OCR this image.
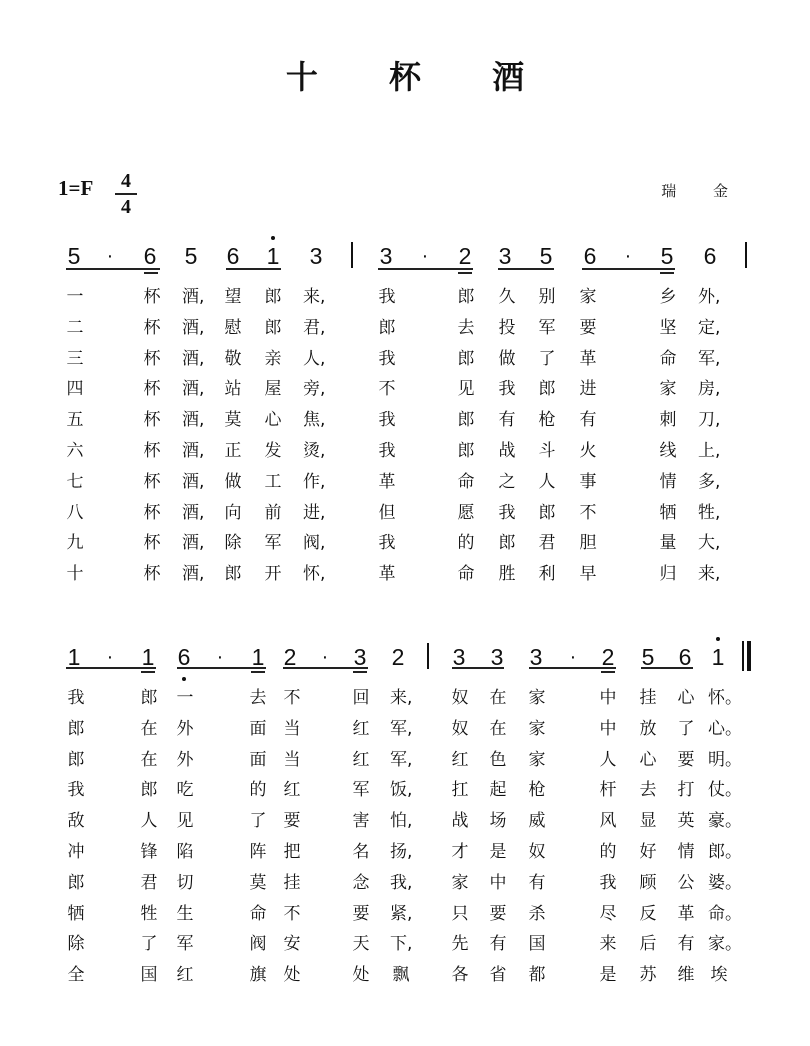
十 杯 酒
1=F	4
4
瑞 金
5	·	6 5 6 1 3 3	·	2 3 5 6	·	5 6
一	杯 酒, 望 郎 来,	我	郎 久 别 家	乡 外,
二	杯 酒, 慰 郎 君,	郎	去 投 军 要	坚 定,
三	杯 酒, 敬 亲 人,	我	郎 做 了 革	命 军,
四	杯 酒, 站 屋 旁,	不	见 我 郎 进	家 房,
五	杯 酒, 莫 心 焦,	我	郎 有 枪 有	刺 刀,
六	杯 酒, 正 发 烫,	我	郎 战 斗 火	线 上,
七	杯 酒, 做 工 作,	革	命 之 人 事	情 多,
八	杯 酒, 向 前 进,	但	愿 我 郎 不	牺 牲,
九	杯 酒, 除 军 阀,	我	的 郎 君 胆	量 大,
十	杯 酒, 郎 开 怀,	革	命 胜 利 早	归 来,
1	·	1 6	·	1 2	·	3 2 3 3 3	·	2 5 6 1
我	郎 一	去 不	回 来, 奴 在 家	中 挂 心 怀。
郎	在 外	面 当	红 军, 奴 在 家	中 放 了 心。
郎	在 外	面 当	红 军, 红 色 家	人 心 要 明。
我	郎 吃	的 红	军 饭, 扛 起 枪	杆 去 打 仗。
敌	人 见	了 要	害 怕, 战 场 威	风 显 英 豪。
冲	锋 陷	阵 把	名 扬, 才 是 奴	的 好 情 郎。
郎	君 切	莫 挂	念 我, 家 中 有	我 顾 公 婆。
牺	牲 生	命 不	要 紧, 只 要 杀	尽 反 革 命。
除	了 军	阀 安	天 下, 先 有 国	来 后 有 家。
全	国 红	旗 处	处 飘 各 省 都	是 苏 维 埃
